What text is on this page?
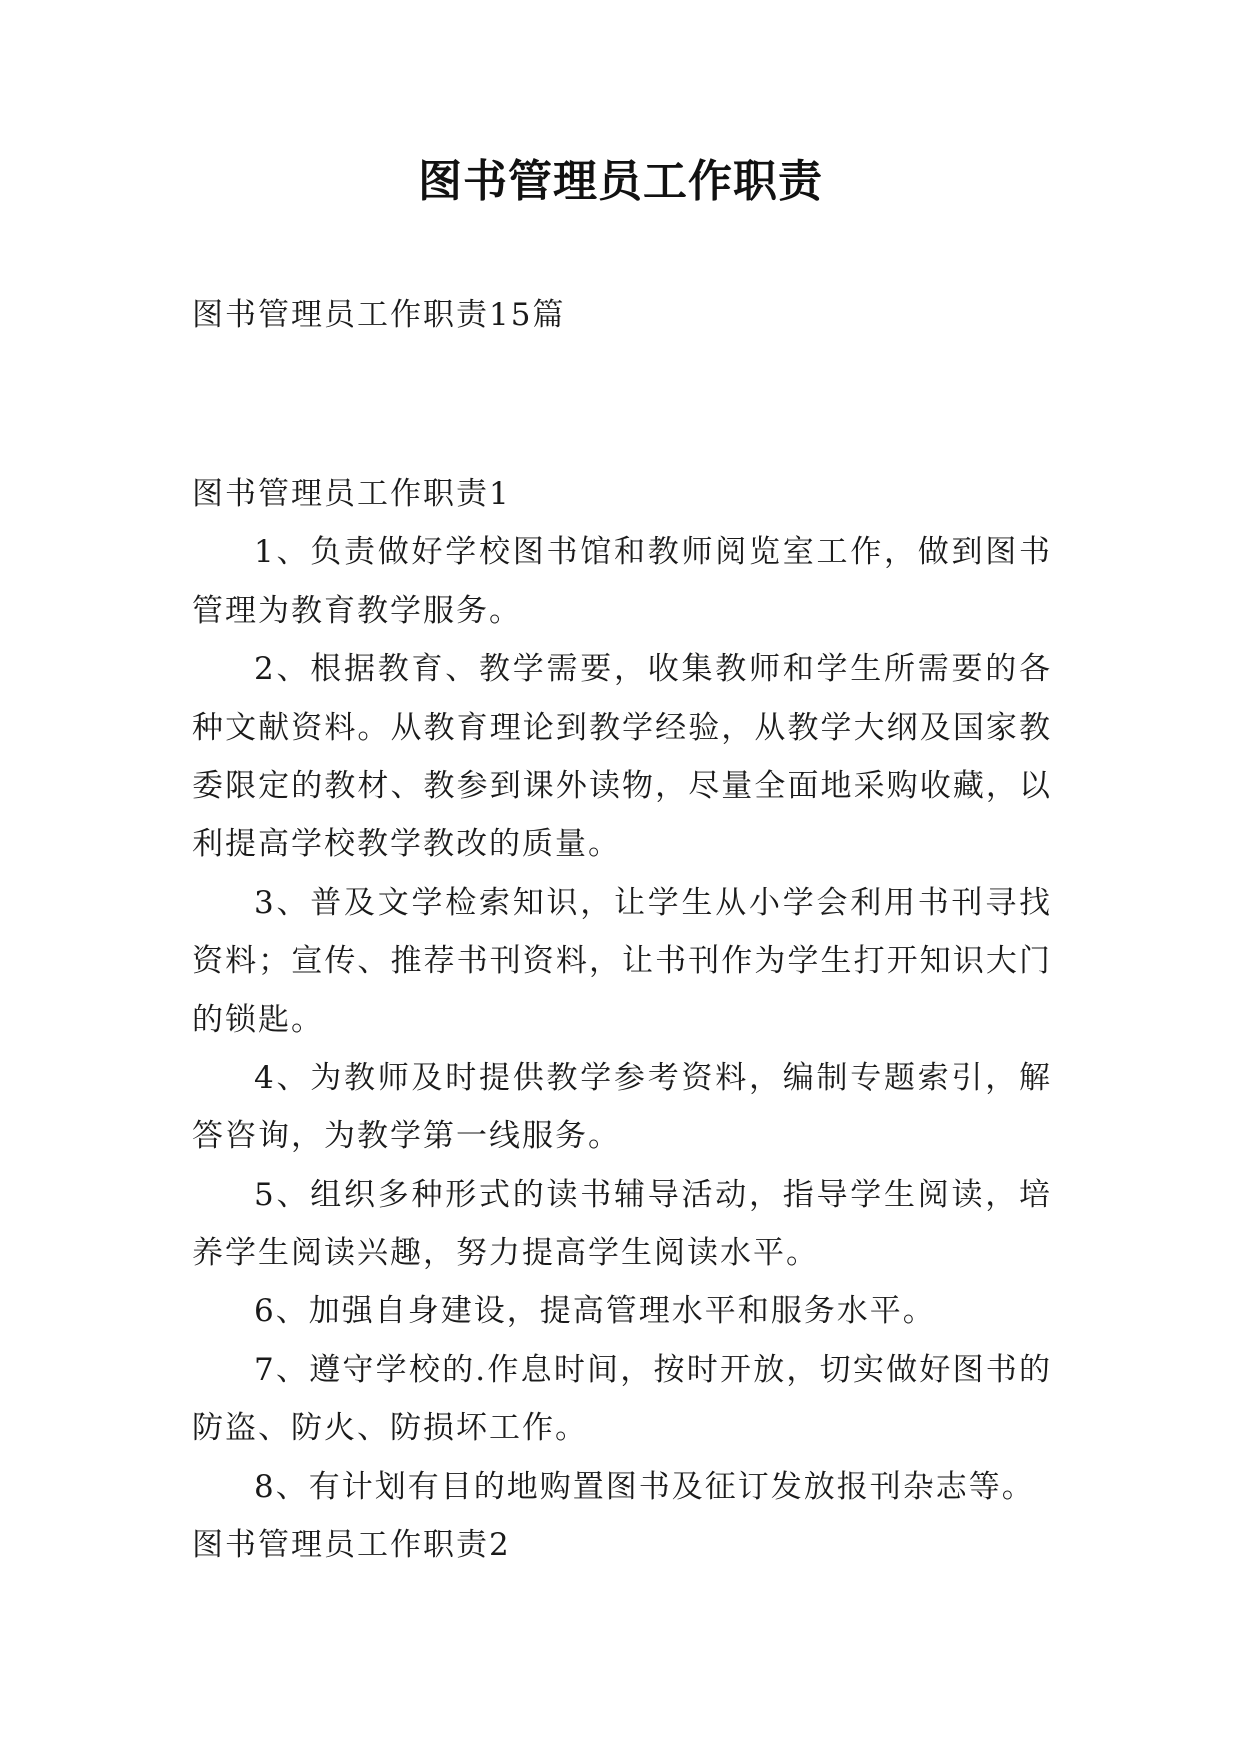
图书管理员工作职责
图书管理员工作职责15篇
图书管理员工作职责1
1、负责做好学校图书馆和教师阅览室工作，做到图书
管理为教育教学服务。
2、根据教育、教学需要，收集教师和学生所需要的各
种文献资料。从教育理论到教学经验，从教学大纲及国家教
委限定的教材、教参到课外读物，尽量全面地采购收藏，以
利提高学校教学教改的质量。
3、普及文学检索知识，让学生从小学会利用书刊寻找
资料；宣传、推荐书刊资料，让书刊作为学生打开知识大门
的锁匙。
4、为教师及时提供教学参考资料，编制专题索引，解
答咨询，为教学第一线服务。
5、组织多种形式的读书辅导活动，指导学生阅读，培
养学生阅读兴趣，努力提高学生阅读水平。
6、加强自身建设，提高管理水平和服务水平。
7、遵守学校的.作息时间，按时开放，切实做好图书的
防盗、防火、防损坏工作。
8、有计划有目的地购置图书及征订发放报刊杂志等。
图书管理员工作职责2
